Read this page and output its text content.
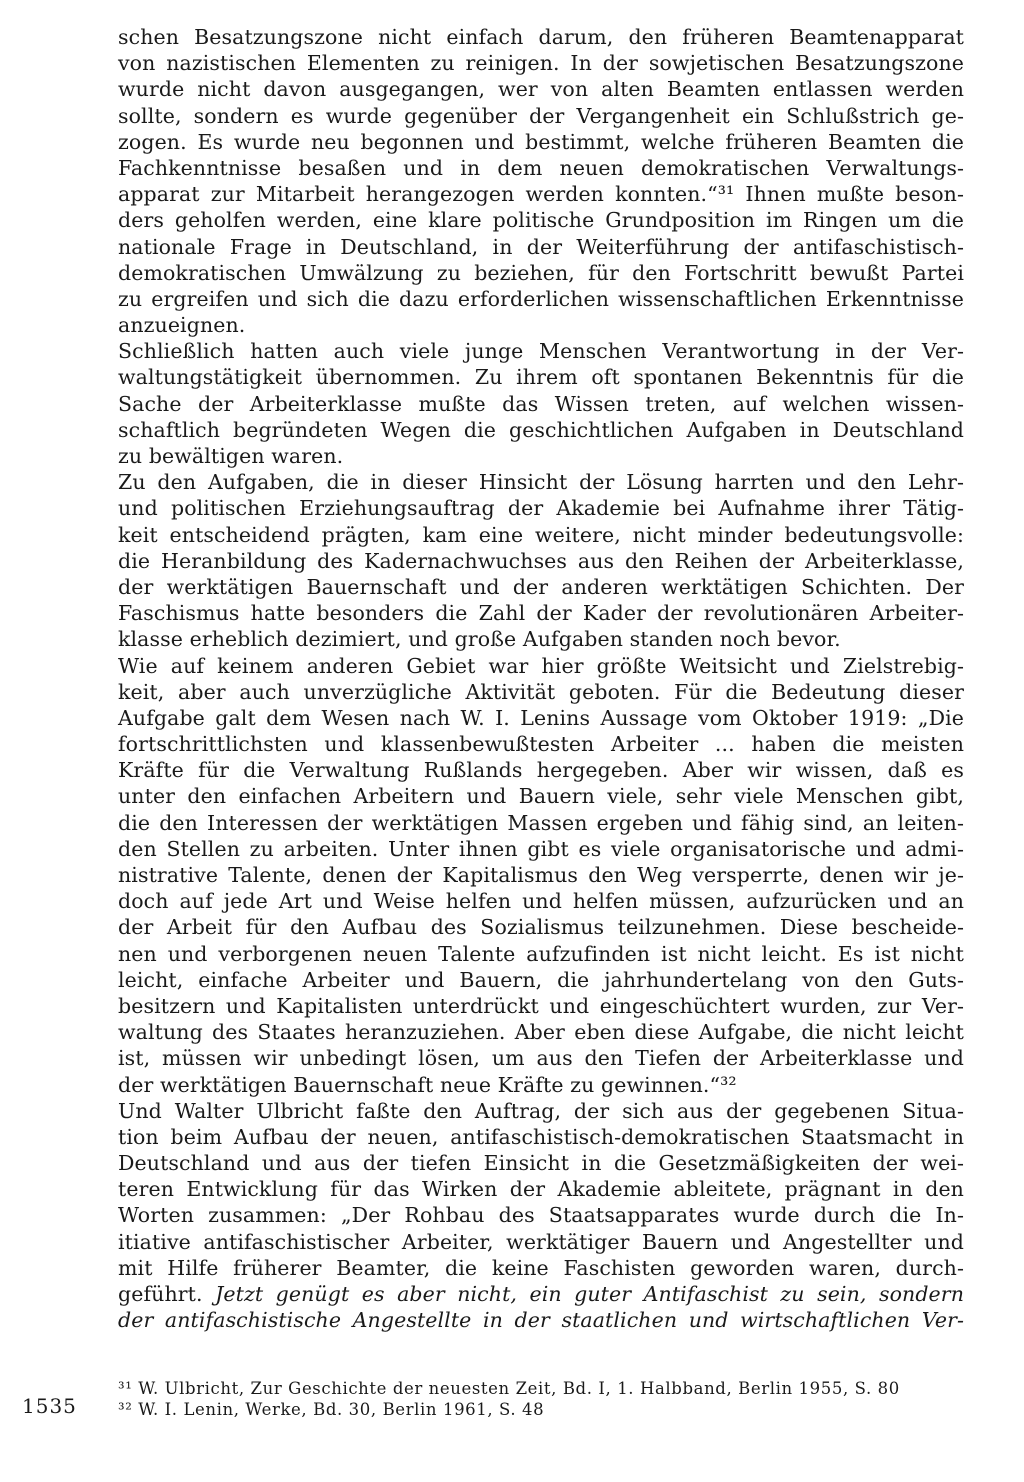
schen Besatzungszone nicht einfach darum, den früheren Beamtenapparat
von nazistischen Elementen zu reinigen. In der sowjetischen Besatzungszone
wurde nicht davon ausgegangen, wer von alten Beamten entlassen werden
sollte, sondern es wurde gegenüber der Vergangenheit ein Schlußstrich ge-
zogen. Es wurde neu begonnen und bestimmt, welche früheren Beamten die
Fachkenntnisse besaßen und in dem neuen demokratischen Verwaltungs-
apparat zur Mitarbeit herangezogen werden konnten.“³¹ Ihnen mußte beson-
ders geholfen werden, eine klare politische Grundposition im Ringen um die
nationale Frage in Deutschland, in der Weiterführung der antifaschistisch-
demokratischen Umwälzung zu beziehen, für den Fortschritt bewußt Partei
zu ergreifen und sich die dazu erforderlichen wissenschaftlichen Erkenntnisse
anzueignen.
Schließlich hatten auch viele junge Menschen Verantwortung in der Ver-
waltungstätigkeit übernommen. Zu ihrem oft spontanen Bekenntnis für die
Sache der Arbeiterklasse mußte das Wissen treten, auf welchen wissen-
schaftlich begründeten Wegen die geschichtlichen Aufgaben in Deutschland
zu bewältigen waren.
Zu den Aufgaben, die in dieser Hinsicht der Lösung harrten und den Lehr-
und politischen Erziehungsauftrag der Akademie bei Aufnahme ihrer Tätig-
keit entscheidend prägten, kam eine weitere, nicht minder bedeutungsvolle:
die Heranbildung des Kadernachwuchses aus den Reihen der Arbeiterklasse,
der werktätigen Bauernschaft und der anderen werktätigen Schichten. Der
Faschismus hatte besonders die Zahl der Kader der revolutionären Arbeiter-
klasse erheblich dezimiert, und große Aufgaben standen noch bevor.
Wie auf keinem anderen Gebiet war hier größte Weitsicht und Zielstrebig-
keit, aber auch unverzügliche Aktivität geboten. Für die Bedeutung dieser
Aufgabe galt dem Wesen nach W. I. Lenins Aussage vom Oktober 1919: „Die
fortschrittlichsten und klassenbewußtesten Arbeiter ... haben die meisten
Kräfte für die Verwaltung Rußlands hergegeben. Aber wir wissen, daß es
unter den einfachen Arbeitern und Bauern viele, sehr viele Menschen gibt,
die den Interessen der werktätigen Massen ergeben und fähig sind, an leiten-
den Stellen zu arbeiten. Unter ihnen gibt es viele organisatorische und admi-
nistrative Talente, denen der Kapitalismus den Weg versperrte, denen wir je-
doch auf jede Art und Weise helfen und helfen müssen, aufzurücken und an
der Arbeit für den Aufbau des Sozialismus teilzunehmen. Diese bescheide-
nen und verborgenen neuen Talente aufzufinden ist nicht leicht. Es ist nicht
leicht, einfache Arbeiter und Bauern, die jahrhundertelang von den Guts-
besitzern und Kapitalisten unterdrückt und eingeschüchtert wurden, zur Ver-
waltung des Staates heranzuziehen. Aber eben diese Aufgabe, die nicht leicht
ist, müssen wir unbedingt lösen, um aus den Tiefen der Arbeiterklasse und
der werktätigen Bauernschaft neue Kräfte zu gewinnen.“³²
Und Walter Ulbricht faßte den Auftrag, der sich aus der gegebenen Situa-
tion beim Aufbau der neuen, antifaschistisch-demokratischen Staatsmacht in
Deutschland und aus der tiefen Einsicht in die Gesetzmäßigkeiten der wei-
teren Entwicklung für das Wirken der Akademie ableitete, prägnant in den
Worten zusammen: „Der Rohbau des Staatsapparates wurde durch die In-
itiative antifaschistischer Arbeiter, werktätiger Bauern und Angestellter und
mit Hilfe früherer Beamter, die keine Faschisten geworden waren, durch-
geführt. Jetzt genügt es aber nicht, ein guter Antifaschist zu sein, sondern
der antifaschistische Angestellte in der staatlichen und wirtschaftlichen Ver-
³¹ W. Ulbricht, Zur Geschichte der neuesten Zeit, Bd. I, 1. Halbband, Berlin 1955, S. 80
³² W. I. Lenin, Werke, Bd. 30, Berlin 1961, S. 48
1535
